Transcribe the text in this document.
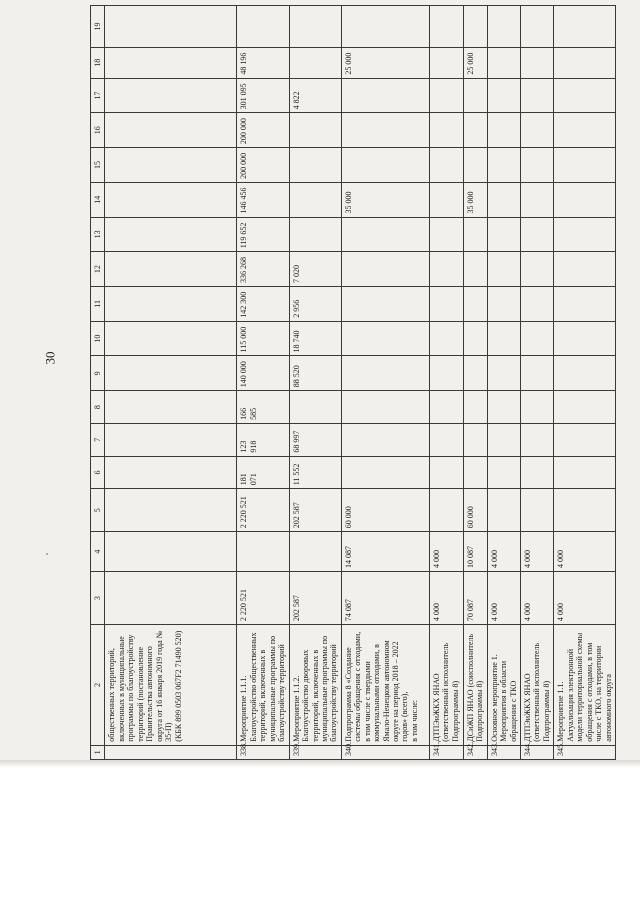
30
1	2	3	4	5	6	7	8	9	10	11	12	13	14	15	16	17	18	19
	общественных территорий, включенных в муниципальные программы по благоустройству территорий (постановление Правительства автономного округа от 16 января 2019 года № 35-П)
(КБК 899 0503 067F2 71490 520)																	
338.	Мероприятие 1.1.1.
Благоустройство общественных территорий, включенных в муниципальные программы по благоустройству территорий	2 220 521		2 220 521	181 071	123 918	166 585	140 000	115 000	142 300	336 268	119 652	146 456	200 000	200 000	301 095	48 196	
339.	Мероприятие 1.1.2.
Благоустройство дворовых территорий, включенных в муниципальные программы по благоустройству территорий	202 587		202 587	11 552	68 997		88 520	18 740	2 956	7 020					4 822		
340.	Подпрограмма 8 «Создание системы обращения с отходами, в том числе с твердыми коммунальными отходами, в Ямало-Ненецком автономном округе на период 2018 – 2022 годов» (всего),
в том числе:	74 087	14 087	60 000									35 000				25 000	
341.	ДТПЭиЖКХ ЯНАО
(ответственный исполнитель Подпрограммы 8)	4 000	4 000															
342.	ДСиЖП ЯНАО (соисполнитель Подпрограммы 8)	70 087	10 087	60 000									35 000				25 000	
343.	Основное мероприятие 1.
Мероприятия в области обращения с ТКО	4 000	4 000															
344.	ДТПЭиЖКХ ЯНАО
(ответственный исполнитель Подпрограммы 8)	4 000	4 000															
345.	Мероприятие 1.1.
Актуализация электронной модели территориальной схемы обращения с отходами, в том числе с ТКО, на территории автономного округа	4 000	4 000															
